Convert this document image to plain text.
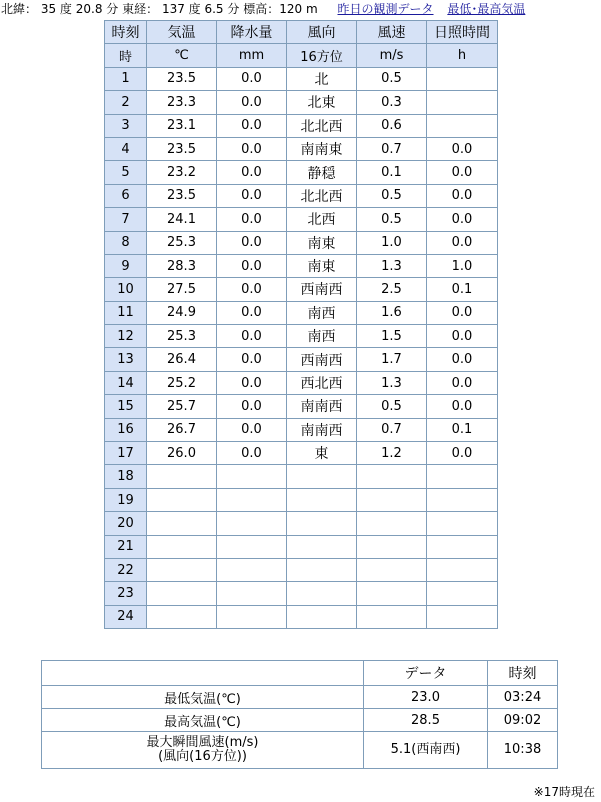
北緯： 35 度 20.8 分 東経： 137 度 6.5 分 標高：120 m 昨日の観測データ 最低･最高気温
時刻	気温	降水量	風向	風速	日照時間
時	℃	mm	16方位	m/s	h
1	23.5	0.0	北	0.5	
2	23.3	0.0	北東	0.3	
3	23.1	0.0	北北西	0.6	
4	23.5	0.0	南南東	0.7	0.0
5	23.2	0.0	静穏	0.1	0.0
6	23.5	0.0	北北西	0.5	0.0
7	24.1	0.0	北西	0.5	0.0
8	25.3	0.0	南東	1.0	0.0
9	28.3	0.0	南東	1.3	1.0
10	27.5	0.0	西南西	2.5	0.1
11	24.9	0.0	南西	1.6	0.0
12	25.3	0.0	南西	1.5	0.0
13	26.4	0.0	西南西	1.7	0.0
14	25.2	0.0	西北西	1.3	0.0
15	25.7	0.0	南南西	0.5	0.0
16	26.7	0.0	南南西	0.7	0.1
17	26.0	0.0	東	1.2	0.0
18					
19					
20					
21					
22					
23					
24					
	データ	時刻
最低気温(℃)	23.0	03:24
最高気温(℃)	28.5	09:02

最大瞬間風速(m/s)
(風向(16方位))	5.1(西南西)	10:38
※17時現在
